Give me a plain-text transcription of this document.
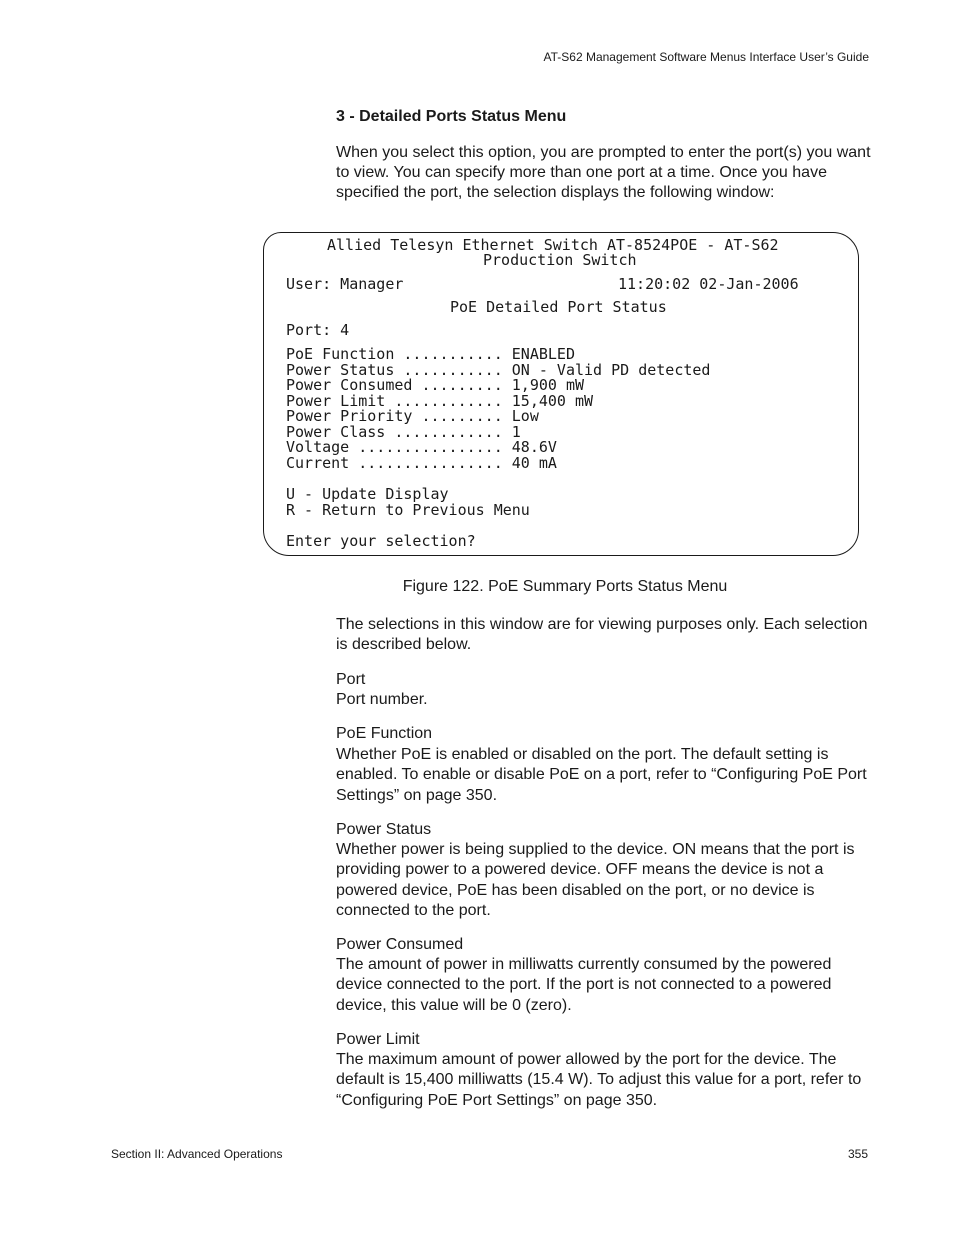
AT-S62 Management Software Menus Interface User’s Guide
3 - Detailed Ports Status Menu
When you select this option, you are prompted to enter the port(s) you want to view. You can specify more than one port at a time. Once you have specified the port, the selection displays the following window:
Allied Telesyn Ethernet Switch AT-8524POE - AT-S62
Production Switch
User: Manager	11:20:02 02-Jan-2006
PoE Detailed Port Status
Port: 4
PoE Function ........... ENABLED
Power Status ........... ON - Valid PD detected
Power Consumed ......... 1,900 mW
Power Limit ............ 15,400 mW
Power Priority ......... Low
Power Class ............ 1
Voltage ................ 48.6V
Current ................ 40 mA
U - Update Display
R - Return to Previous Menu
Enter your selection?
Figure 122. PoE Summary Ports Status Menu
The selections in this window are for viewing purposes only. Each selection is described below.
Port
Port number.
PoE Function
Whether PoE is enabled or disabled on the port. The default setting is enabled. To enable or disable PoE on a port, refer to “Configuring PoE Port Settings” on page 350.
Power Status
Whether power is being supplied to the device. ON means that the port is providing power to a powered device. OFF means the device is not a powered device, PoE has been disabled on the port, or no device is connected to the port.
Power Consumed
The amount of power in milliwatts currently consumed by the powered device connected to the port. If the port is not connected to a powered device, this value will be 0 (zero).
Power Limit
The maximum amount of power allowed by the port for the device. The default is 15,400 milliwatts (15.4 W). To adjust this value for a port, refer to “Configuring PoE Port Settings” on page 350.
Section II: Advanced Operations	355
